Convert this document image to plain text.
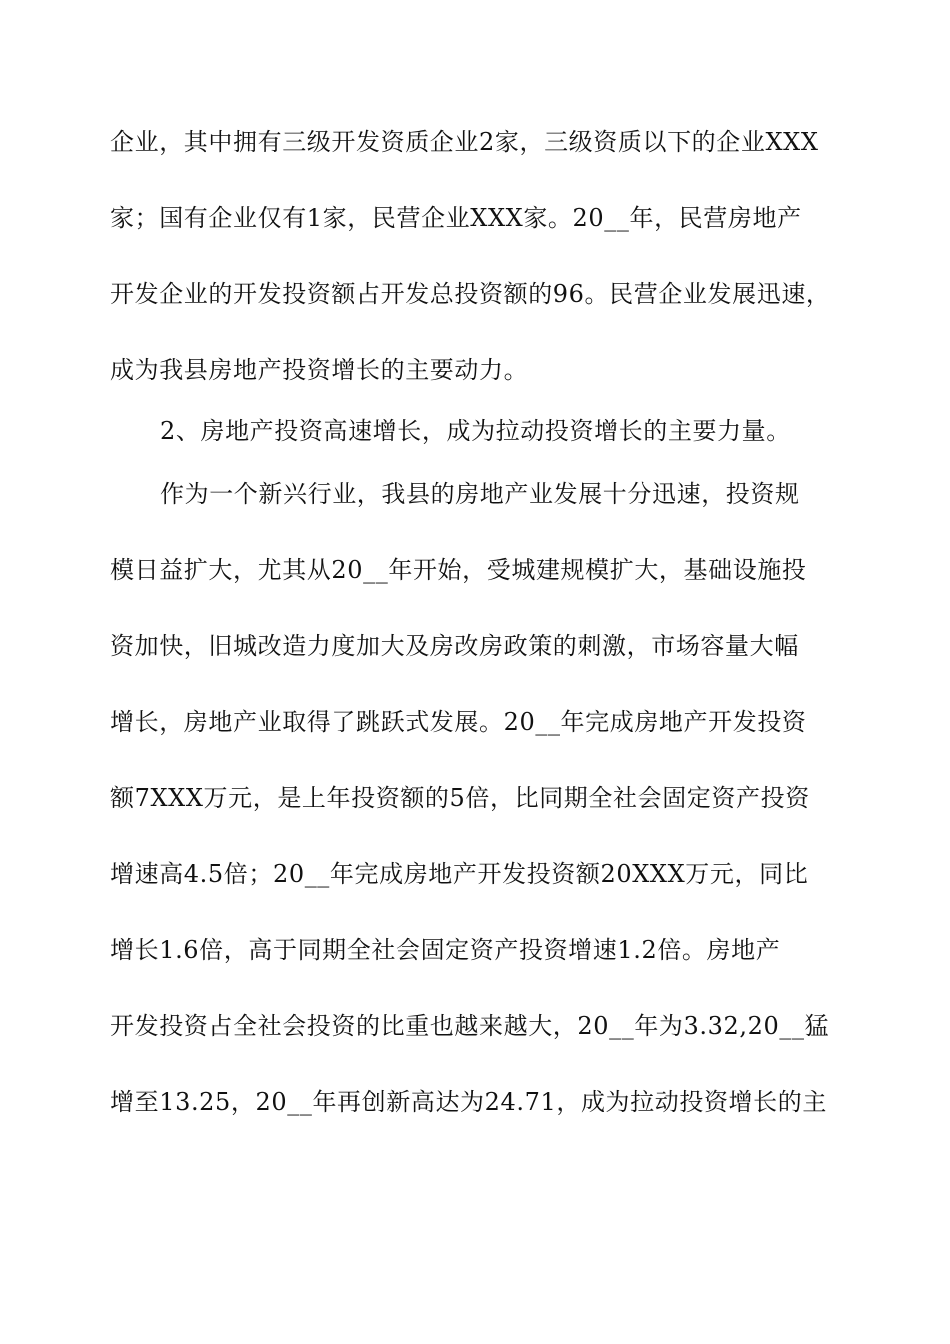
企业，其中拥有三级开发资质企业2家，三级资质以下的企业XXX
家；国有企业仅有1家，民营企业XXX家。20__年，民营房地产
开发企业的开发投资额占开发总投资额的96。民营企业发展迅速，
成为我县房地产投资增长的主要动力。
2、房地产投资高速增长，成为拉动投资增长的主要力量。
作为一个新兴行业，我县的房地产业发展十分迅速，投资规
模日益扩大，尤其从20__年开始，受城建规模扩大，基础设施投
资加快，旧城改造力度加大及房改房政策的刺激，市场容量大幅
增长，房地产业取得了跳跃式发展。20__年完成房地产开发投资
额7XXX万元，是上年投资额的5倍，比同期全社会固定资产投资
增速高4.5倍；20__年完成房地产开发投资额20XXX万元，同比
增长1.6倍，高于同期全社会固定资产投资增速1.2倍。房地产
开发投资占全社会投资的比重也越来越大，20__年为3.32,20__猛
增至13.25，20__年再创新高达为24.71，成为拉动投资增长的主
